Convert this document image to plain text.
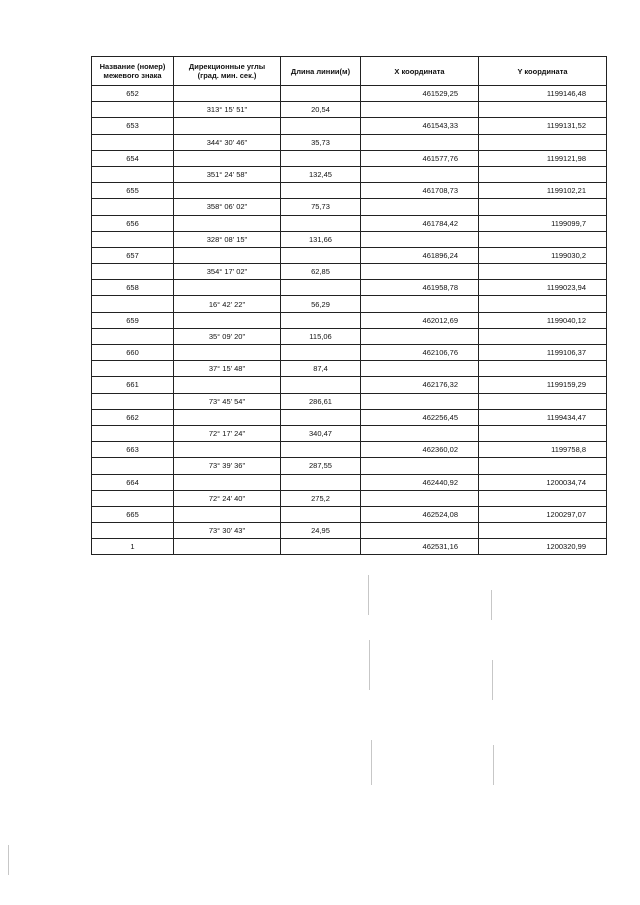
Название (номер)
межевого знака	Дирекционные углы
(град. мин. сек.)	Длина линии(м)	Х координата	Y координата
652			461529,25	1199146,48
	313° 15' 51"	20,54		
653			461543,33	1199131,52
	344° 30' 46"	35,73		
654			461577,76	1199121,98
	351° 24' 58"	132,45		
655			461708,73	1199102,21
	358° 06' 02"	75,73		
656			461784,42	1199099,7
	328° 08' 15"	131,66		
657			461896,24	1199030,2
	354° 17' 02"	62,85		
658			461958,78	1199023,94
	16° 42' 22"	56,29		
659			462012,69	1199040,12
	35° 09' 20"	115,06		
660			462106,76	1199106,37
	37° 15' 48"	87,4		
661			462176,32	1199159,29
	73° 45' 54"	286,61		
662			462256,45	1199434,47
	72° 17' 24"	340,47		
663			462360,02	1199758,8
	73° 39' 36"	287,55		
664			462440,92	1200034,74
	72° 24' 40"	275,2		
665			462524,08	1200297,07
	73° 30' 43"	24,95		
1			462531,16	1200320,99
